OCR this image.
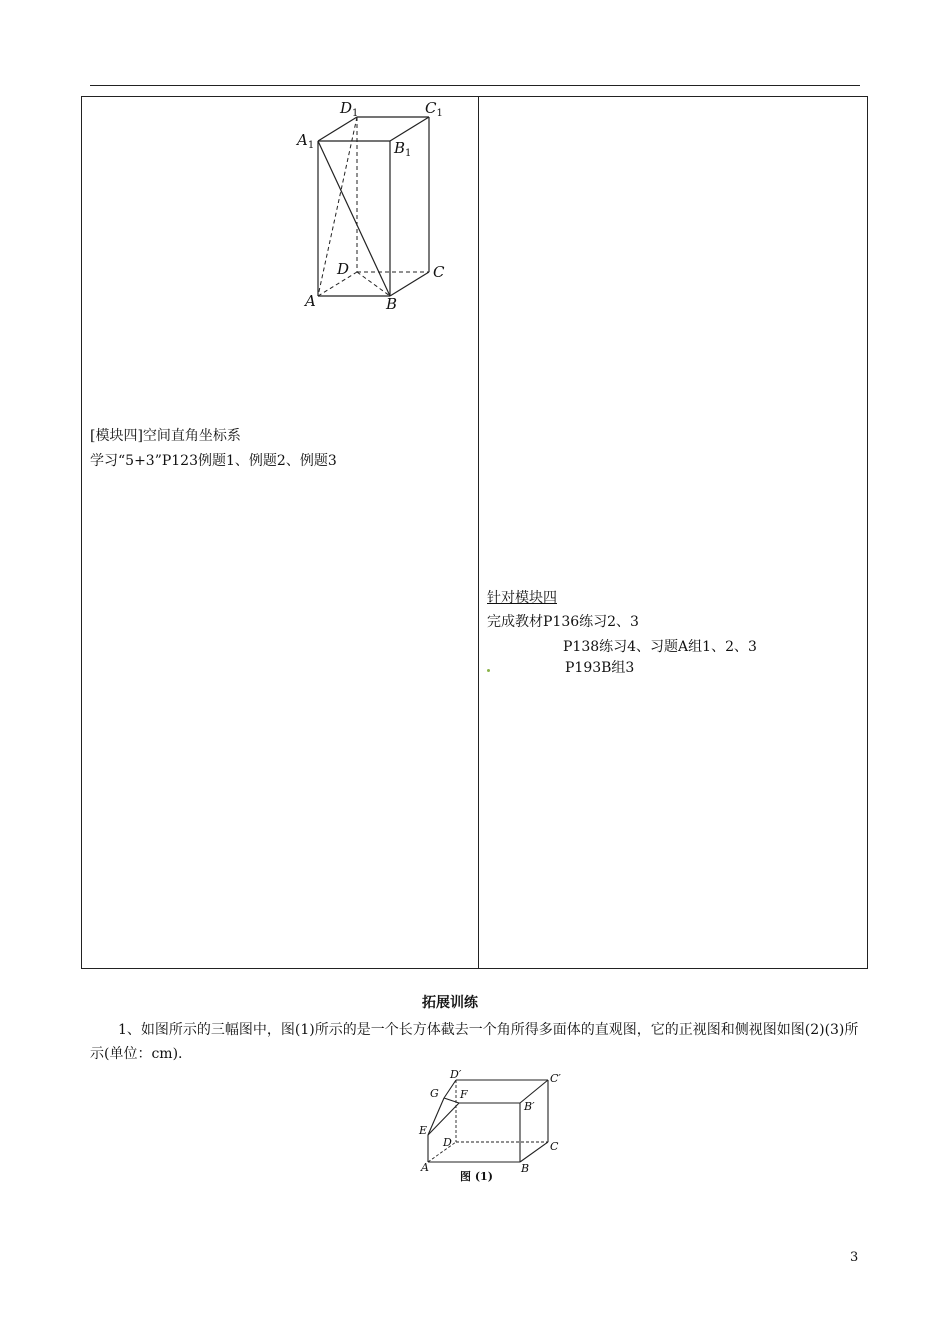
$D_1$	$C_1$
$A_1$	$B_1$
D	C
A	B
[模块四]空间直角坐标系
学习“5+3”P123例题1、例题2、例题3
针对模块四
完成教材P136练习2、3
P138练习4、习题A组1、2、3
P193B组3
拓展训练
1、如图所示的三幅图中，图(1)所示的是一个长方体截去一个角所得多面体的直观图，它的正视图和侧视图如图(2)(3)所示(单位：cm).
D′	C′
G F
B′
E
D	C
A	B
图 (1)
3
